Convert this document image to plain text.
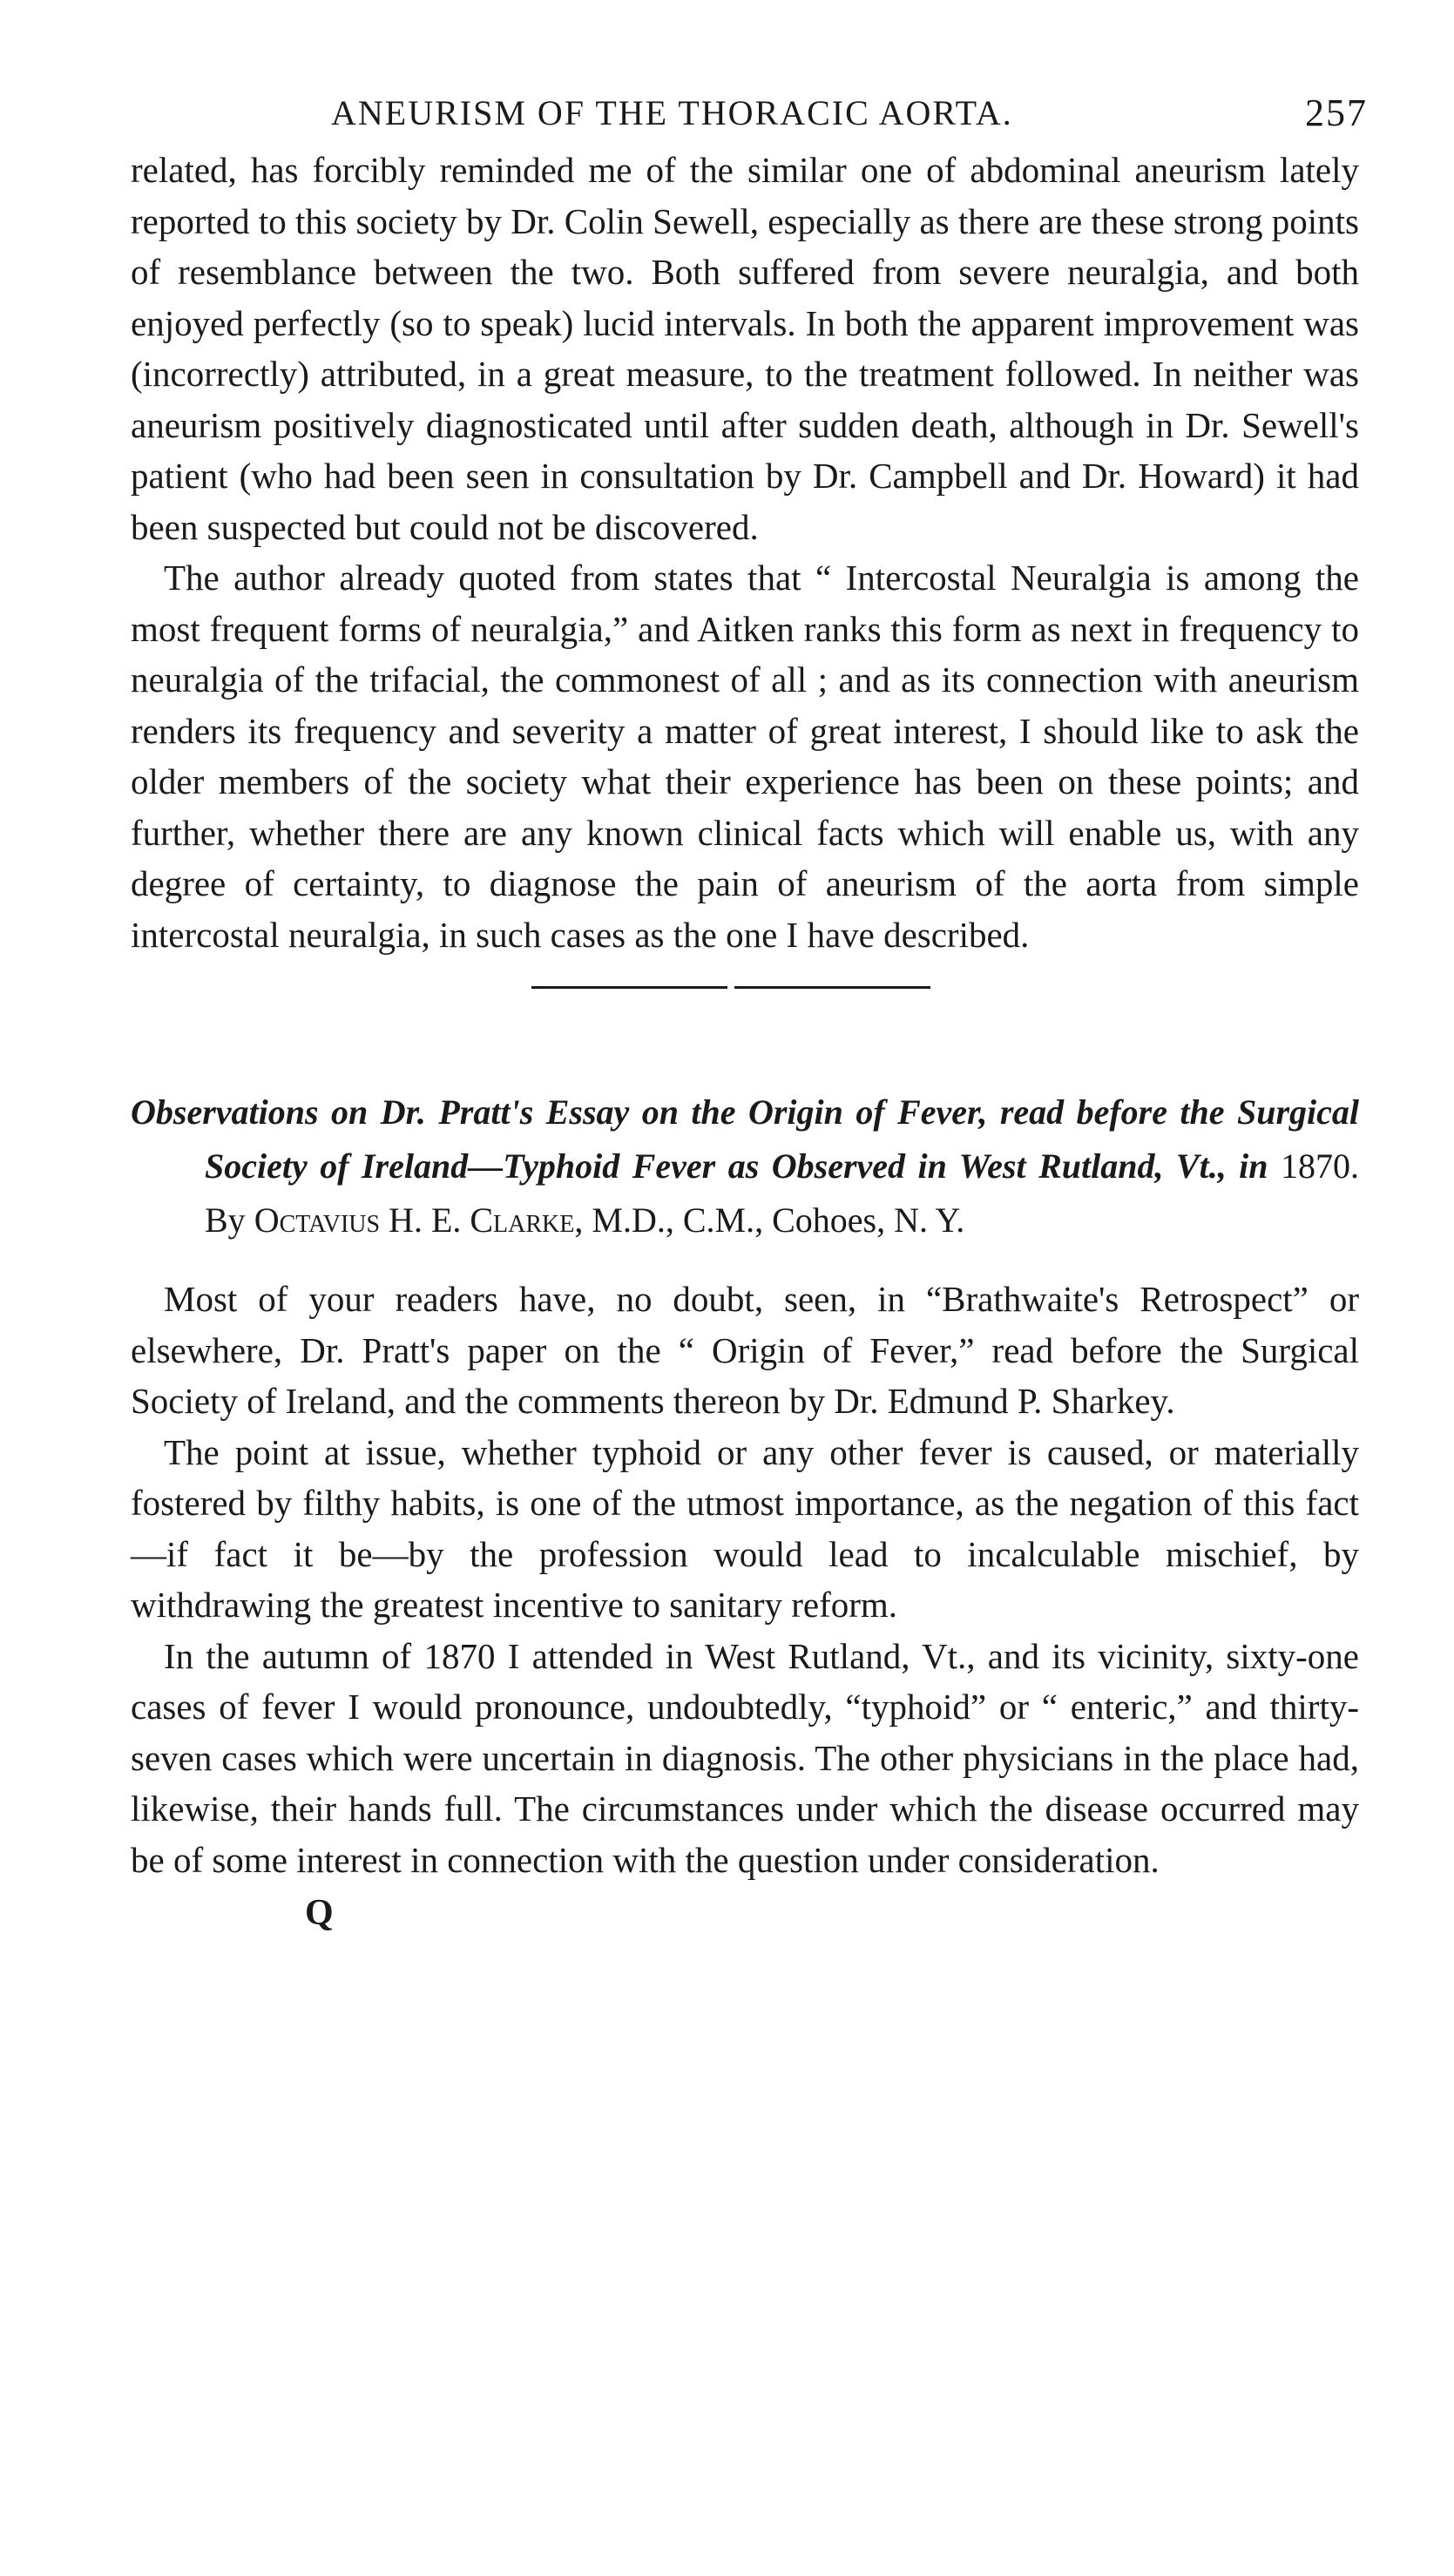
ANEURISM OF THE THORACIC AORTA.	257

related, has forcibly reminded me of the similar one of abdominal aneurism lately reported to this society by Dr. Colin Sewell, especially as there are these strong points of resemblance between the two. Both suffered from severe neuralgia, and both enjoyed perfectly (so to speak) lucid intervals. In both the apparent improvement was (incorrectly) attributed, in a great measure, to the treatment followed. In neither was aneurism positively diagnosticated until after sudden death, although in Dr. Sewell's patient (who had been seen in consultation by Dr. Campbell and Dr. Howard) it had been suspected but could not be discovered.

The author already quoted from states that “ Intercostal Neuralgia is among the most frequent forms of neuralgia,” and Aitken ranks this form as next in frequency to neuralgia of the trifacial, the commonest of all ; and as its connection with aneurism renders its frequency and severity a matter of great interest, I should like to ask the older members of the society what their experience has been on these points; and further, whether there are any known clinical facts which will enable us, with any degree of certainty, to diagnose the pain of aneurism of the aorta from simple intercostal neuralgia, in such cases as the one I have described.

Observations on Dr. Pratt's Essay on the Origin of Fever, read before the Surgical Society of Ireland—Typhoid Fever as Observed in West Rutland, Vt., in 1870. By Octavius H. E. Clarke, M.D., C.M., Cohoes, N. Y.

Most of your readers have, no doubt, seen, in “Brathwaite's Retrospect” or elsewhere, Dr. Pratt's paper on the “ Origin of Fever,” read before the Surgical Society of Ireland, and the comments thereon by Dr. Edmund P. Sharkey.

The point at issue, whether typhoid or any other fever is caused, or materially fostered by filthy habits, is one of the utmost importance, as the negation of this fact—if fact it be—by the profession would lead to incalculable mischief, by withdrawing the greatest incentive to sanitary reform.

In the autumn of 1870 I attended in West Rutland, Vt., and its vicinity, sixty-one cases of fever I would pronounce, undoubtedly, “typhoid” or “ enteric,” and thirty-seven cases which were uncertain in diagnosis. The other physicians in the place had, likewise, their hands full. The circumstances under which the disease occurred may be of some interest in connection with the question under consideration.

Q
